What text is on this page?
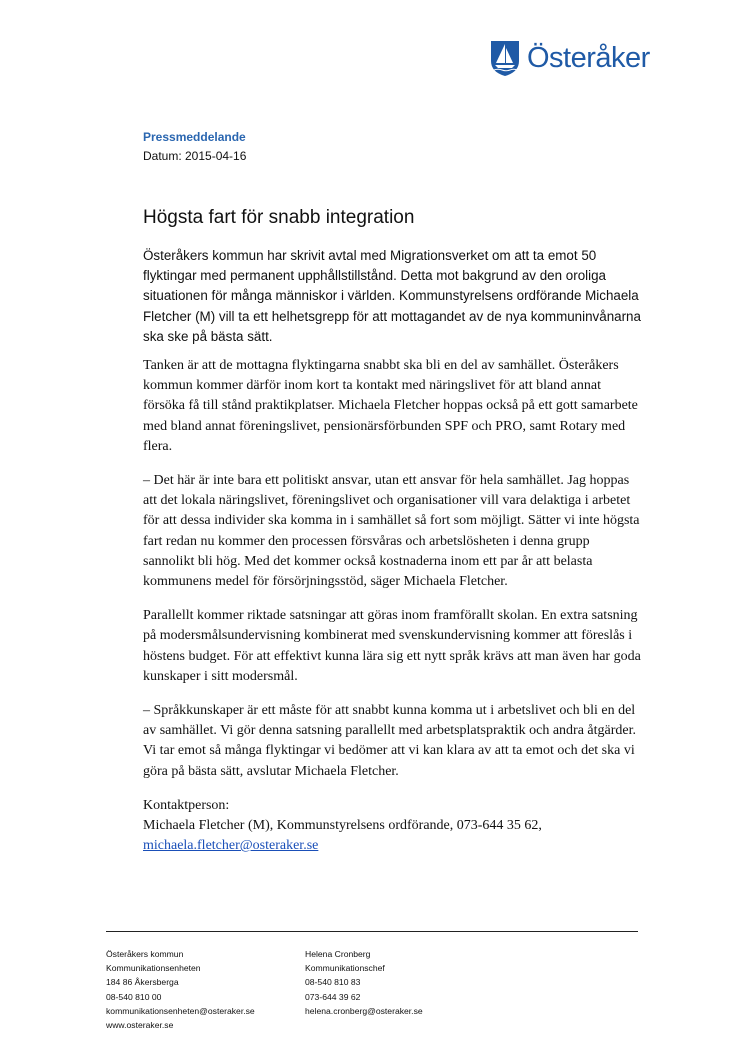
Österåker
Pressmeddelande
Datum: 2015-04-16
Högsta fart för snabb integration

Österåkers kommun har skrivit avtal med Migrationsverket om att ta emot 50 flyktingar med permanent upphållstillstånd. Detta mot bakgrund av den oroliga situationen för många människor i världen. Kommunstyrelsens ordförande Michaela Fletcher (M) vill ta ett helhetsgrepp för att mottagandet av de nya kommuninvånarna ska ske på bästa sätt.

Tanken är att de mottagna flyktingarna snabbt ska bli en del av samhället. Österåkers kommun kommer därför inom kort ta kontakt med näringslivet för att bland annat försöka få till stånd praktikplatser. Michaela Fletcher hoppas också på ett gott samarbete med bland annat föreningslivet, pensionärsförbunden SPF och PRO, samt Rotary med flera.

– Det här är inte bara ett politiskt ansvar, utan ett ansvar för hela samhället. Jag hoppas att det lokala näringslivet, föreningslivet och organisationer vill vara delaktiga i arbetet för att dessa individer ska komma in i samhället så fort som möjligt. Sätter vi inte högsta fart redan nu kommer den processen försvåras och arbetslösheten i denna grupp sannolikt bli hög. Med det kommer också kostnaderna inom ett par år att belasta kommunens medel för försörjningsstöd, säger Michaela Fletcher.

Parallellt kommer riktade satsningar att göras inom framförallt skolan. En extra satsning på modersmålsundervisning kombinerat med svenskundervisning kommer att föreslås i höstens budget. För att effektivt kunna lära sig ett nytt språk krävs att man även har goda kunskaper i sitt modersmål.

– Språkkunskaper är ett måste för att snabbt kunna komma ut i arbetslivet och bli en del av samhället. Vi gör denna satsning parallellt med arbetsplatspraktik och andra åtgärder. Vi tar emot så många flyktingar vi bedömer att vi kan klara av att ta emot och det ska vi göra på bästa sätt, avslutar Michaela Fletcher.

Kontaktperson:
Michaela Fletcher (M), Kommunstyrelsens ordförande, 073-644 35 62,
michaela.fletcher@osteraker.se
Österåkers kommun
Kommunikationsenheten
184 86 Åkersberga
08-540 810 00
kommunikationsenheten@osteraker.se
www.osteraker.se
Helena Cronberg
Kommunikationschef
08-540 810 83
073-644 39 62
helena.cronberg@osteraker.se
